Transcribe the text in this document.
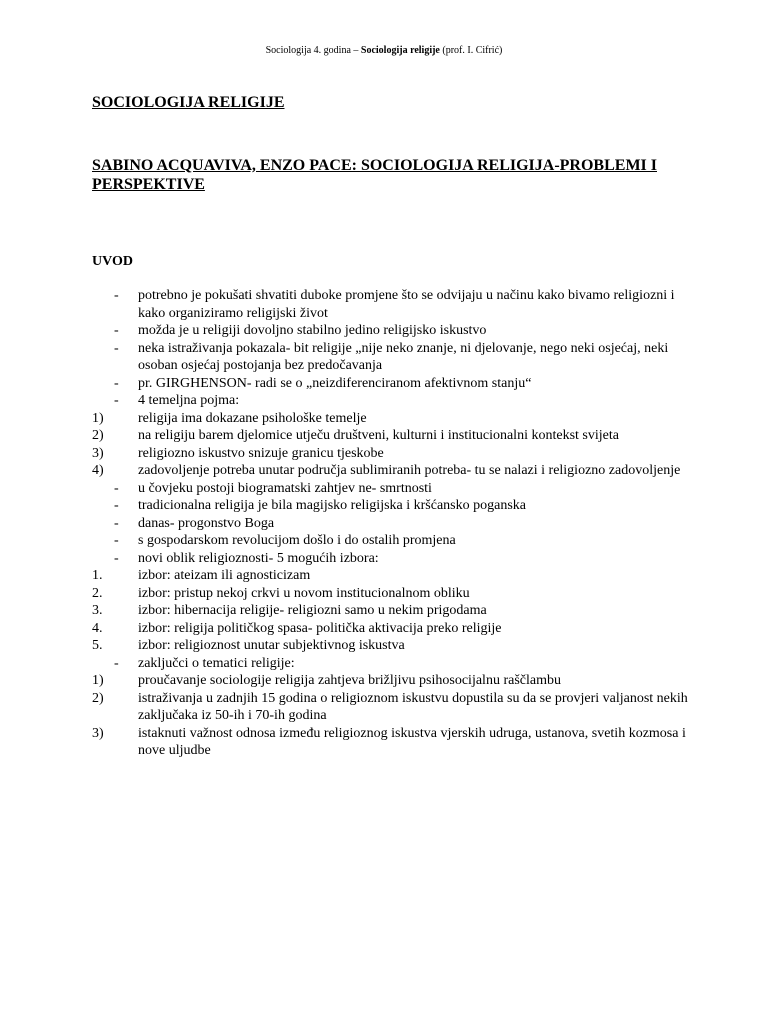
Sociologija 4. godina – Sociologija religije (prof. I. Cifrić)
SOCIOLOGIJA RELIGIJE
SABINO ACQUAVIVA, ENZO PACE: SOCIOLOGIJA RELIGIJA-PROBLEMI I PERSPEKTIVE
UVOD
-	potrebno je pokušati shvatiti duboke promjene što se odvijaju u načinu kako bivamo religiozni i kako organiziramo religijski život
-	možda je u religiji dovoljno stabilno jedino religijsko iskustvo
-	neka istraživanja pokazala- bit religije „nije neko znanje, ni djelovanje, nego neki osjećaj, neki osoban osjećaj postojanja bez predočavanja
-	pr. GIRGHENSON- radi se o „neizdiferenciranom afektivnom stanju“
-	4 temeljna pojma:
1)	religija ima dokazane psihološke temelje
2)	na religiju barem djelomice utječu društveni, kulturni i institucionalni kontekst svijeta
3)	religiozno iskustvo snizuje granicu tjeskobe
4)	zadovoljenje potreba unutar područja sublimiranih potreba- tu se nalazi i religiozno zadovoljenje
-	u čovjeku postoji biogramatski zahtjev ne- smrtnosti
-	tradicionalna religija je bila magijsko religijska i kršćansko poganska
-	danas- progonstvo Boga
-	s gospodarskom revolucijom došlo i do ostalih promjena
-	novi oblik religioznosti- 5 mogućih izbora:
1.	izbor: ateizam ili agnosticizam
2.	izbor: pristup nekoj crkvi u novom institucionalnom obliku
3.	izbor: hibernacija religije- religiozni samo u nekim prigodama
4.	izbor: religija političkog spasa- politička aktivacija preko religije
5.	izbor: religioznost unutar subjektivnog iskustva
-	zaključci o tematici religije:
1)	proučavanje sociologije religija zahtjeva brižljivu psihosocijalnu raščlambu
2)	istraživanja u zadnjih 15 godina o religioznom iskustvu dopustila su da se provjeri valjanost nekih zaključaka iz 50-ih i 70-ih godina
3)	istaknuti važnost odnosa između religioznog iskustva vjerskih udruga, ustanova, svetih kozmosa i nove uljudbe
